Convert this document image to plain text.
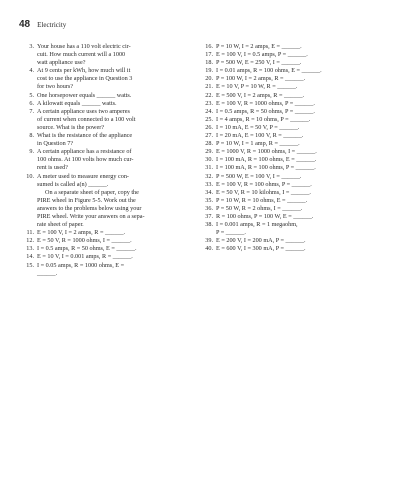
48 Electricity
3. Your house has a 110 volt electric cir-
cuit. How much current will a 1000
watt appliance use?
4. At 9 cents per kWh, how much will it
cost to use the appliance in Question 3
for two hours?
5. One horsepower equals ______ watts.
6. A kilowatt equals ______ watts.
7. A certain appliance uses two amperes
of current when connected to a 100 volt
source. What is the power?
8. What is the resistance of the appliance
in Question 7?
9. A certain appliance has a resistance of
100 ohms. At 100 volts how much cur-
rent is used?
10. A meter used to measure energy con-
sumed is called a(n) ______.
On a separate sheet of paper, copy the
PIRE wheel in Figure 5-5. Work out the
answers to the problems below using your
PIRE wheel. Write your answers on a sepa-
rate sheet of paper.
11. E = 100 V, I = 2 amps, R = ______.
12. E = 50 V, R = 1000 ohms, I = ______.
13. I = 0.5 amps, R = 50 ohms, E = ______.
14. E = 10 V, I = 0.001 amps, R = ______.
15. I = 0.05 amps, R = 1000 ohms, E =
______.
16. P = 10 W, I = 2 amps, E = ______.
17. E = 100 V, I = 0.5 amps, P = ______.
18. P = 500 W, E = 250 V, I = ______.
19. I = 0.01 amps, R = 100 ohms, E = ______.
20. P = 100 W, I = 2 amps, R = ______.
21. E = 10 V, P = 10 W, R = ______.
22. E = 500 V, I = 2 amps, R = ______.
23. E = 100 V, R = 1000 ohms, P = ______.
24. I = 0.5 amps, R = 50 ohms, P = ______.
25. I = 4 amps, R = 10 ohms, P = ______.
26. I = 10 mA, E = 50 V, P = ______.
27. I = 20 mA, E = 100 V, R = ______.
28. P = 10 W, I = 1 amp, R = ______.
29. E = 1000 V, R = 1000 ohms, I = ______.
30. I = 100 mA, R = 100 ohms, E = ______.
31. I = 100 mA, R = 100 ohms, P = ______.
32. P = 500 W, E = 100 V, I = ______.
33. E = 100 V, R = 100 ohms, P = ______.
34. E = 50 V, R = 10 kilohms, I = ______.
35. P = 10 W, R = 10 ohms, E = ______.
36. P = 50 W, R = 2 ohms, I = ______.
37. R = 100 ohms, P = 100 W, E = ______.
38. I = 0.001 amps, R = 1 megaohm,
P = ______.
39. E = 200 V, I = 200 mA, P = ______.
40. E = 600 V, I = 300 mA, P = ______.
